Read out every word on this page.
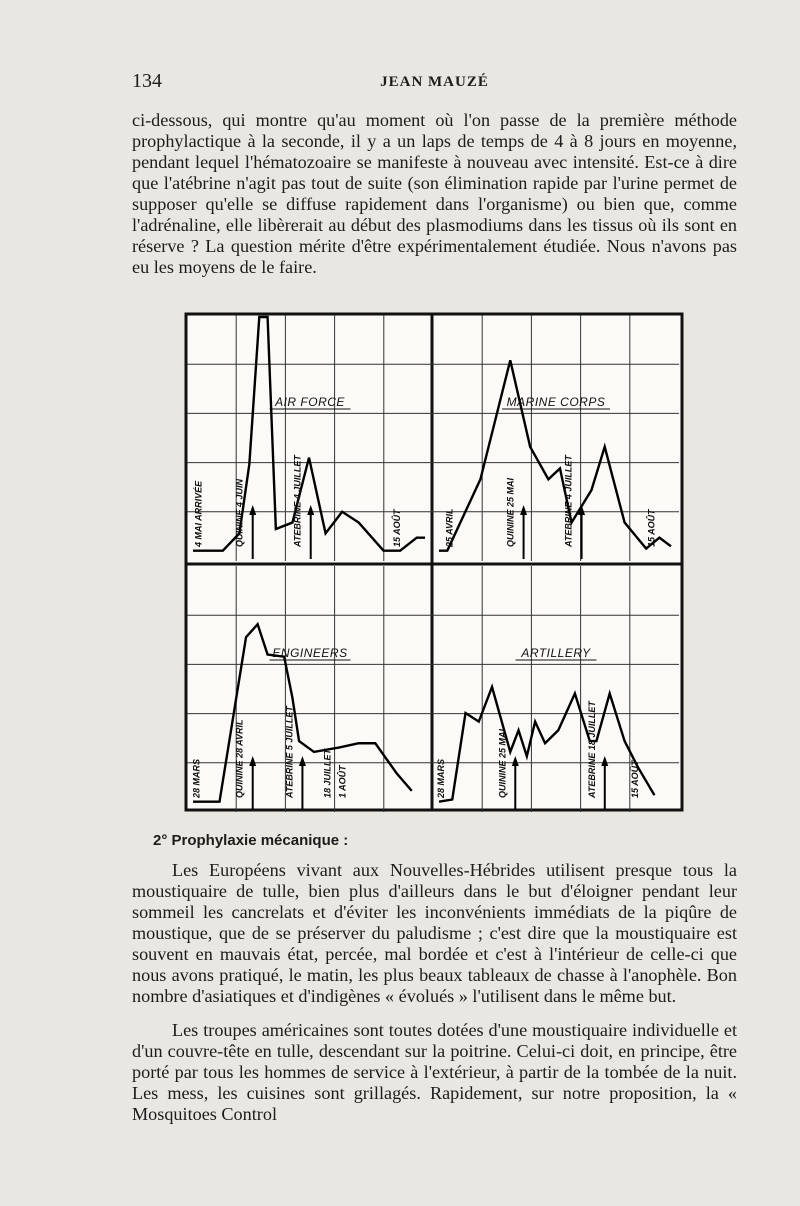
134	JEAN MAUZÉ

ci-dessous, qui montre qu'au moment où l'on passe de la première méthode prophylactique à la seconde, il y a un laps de temps de 4 à 8 jours en moyenne, pendant lequel l'hématozoaire se manifeste à nouveau avec intensité. Est-ce à dire que l'atébrine n'agit pas tout de suite (son élimination rapide par l'urine permet de supposer qu'elle se diffuse rapidement dans l'organisme) ou bien que, comme l'adrénaline, elle libèrerait au début des plasmodiums dans les tissus où ils sont en réserve ? La question mérite d'être expérimentalement étudiée. Nous n'avons pas eu les moyens de le faire.

AIR FORCE
4 MAI ARRIVÉE	QUININE 4 JUIN	ATEBRINE 4 JUILLET	15 AOÛT
MARINE CORPS
25 AVRIL	QUININE 25 MAI	ATEBRINE 4 JUILLET	15 AOÛT
ENGINEERS
28 MARS	QUININE 28 AVRIL	ATEBRINE 5 JUILLET	18 JUILLET 1 AOÛT
ARTILLERY
28 MARS	QUININE 25 MAI	ATEBRINE 18 JUILLET	15 AOÛT
2° Prophylaxie mécanique :

Les Européens vivant aux Nouvelles-Hébrides utilisent presque tous la moustiquaire de tulle, bien plus d'ailleurs dans le but d'éloigner pendant leur sommeil les cancrelats et d'éviter les inconvénients immédiats de la piqûre de moustique, que de se préserver du paludisme ; c'est dire que la moustiquaire est souvent en mauvais état, percée, mal bordée et c'est à l'intérieur de celle-ci que nous avons pratiqué, le matin, les plus beaux tableaux de chasse à l'anophèle. Bon nombre d'asiatiques et d'indigènes « évolués » l'utilisent dans le même but.

Les troupes américaines sont toutes dotées d'une moustiquaire individuelle et d'un couvre-tête en tulle, descendant sur la poitrine. Celui-ci doit, en principe, être porté par tous les hommes de service à l'extérieur, à partir de la tombée de la nuit. Les mess, les cuisines sont grillagés. Rapidement, sur notre proposition, la « Mosquitoes Control
